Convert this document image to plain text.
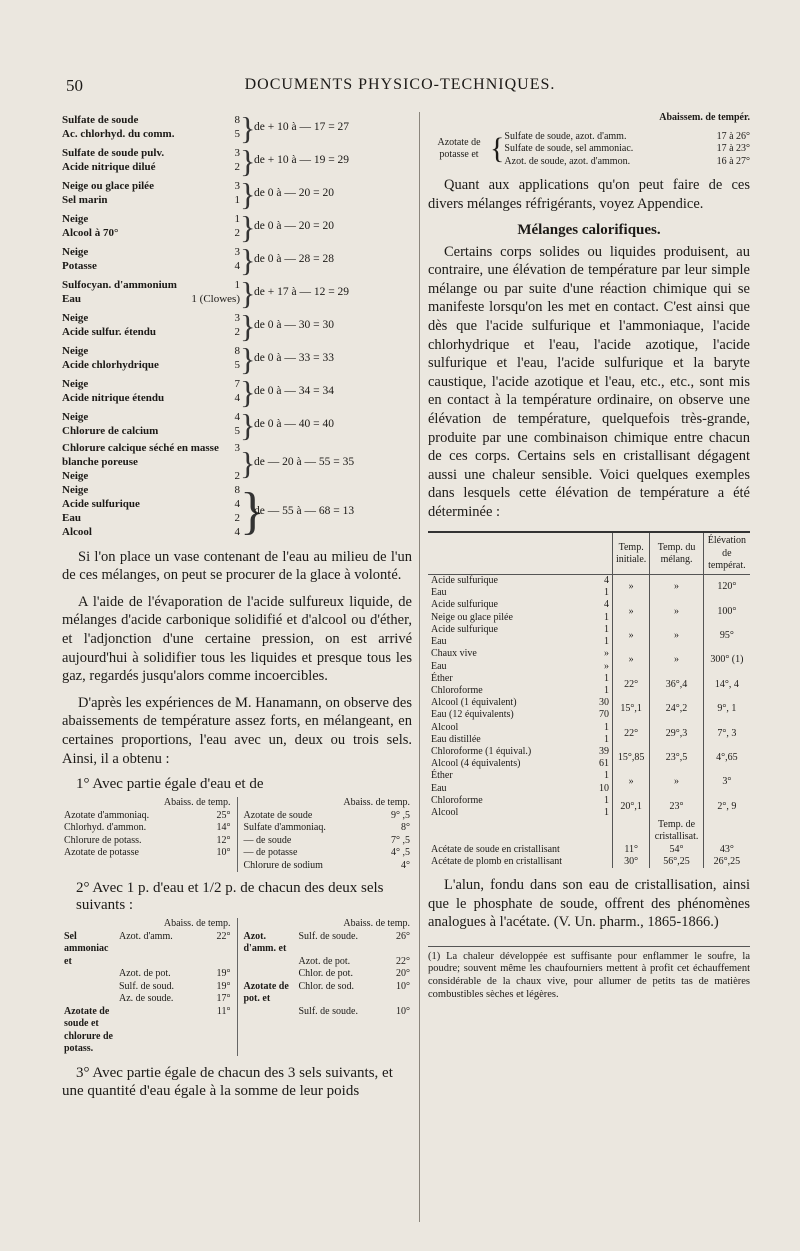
50	DOCUMENTS PHYSICO-TECHNIQUES.
Sulfate de soude	8
Ac. chlorhyd. du comm.	5 }
de + 10 à — 17 = 27
Sulfate de soude pulv.	3
Acide nitrique dilué	2 }
de + 10 à — 19 = 29
Neige ou glace pilée	3
Sel marin	1 }
de 0 à — 20 = 20
Neige	1
Alcool à 70°	2 }
de 0 à — 20 = 20
Neige	3
Potasse	4 }
de 0 à — 28 = 28
Sulfocyan. d'ammonium	1
Eau	1 (Clowes) }
de + 17 à — 12 = 29
Neige	3
Acide sulfur. étendu	2 }
de 0 à — 30 = 30
Neige	8
Acide chlorhydrique	5 }
de 0 à — 33 = 33
Neige	7
Acide nitrique étendu	4 }
de 0 à — 34 = 34
Neige	4
Chlorure de calcium	5 }
de 0 à — 40 = 40
Chlorure calcique séché en masse blanche poreuse
3
Neige	2 }
de — 20 à — 55 = 35
Neige	8
Acide sulfurique	4
Eau	2
Alcool	4 }
de — 55 à — 68 = 13

Si l'on place un vase contenant de l'eau au milieu de l'un de ces mélanges, on peut se procurer de la glace à volonté.

A l'aide de l'évaporation de l'acide sulfureux liquide, de mélanges d'acide carbonique solidifié et d'alcool ou d'éther, et l'adjonction d'une certaine pression, on est arrivé aujourd'hui à solidifier tous les liquides et presque tous les gaz, regardés jusqu'alors comme incoercibles.

D'après les expériences de M. Hanamann, on observe des abaissements de température assez forts, en mélangeant, en certaines proportions, l'eau avec un, deux ou trois sels. Ainsi, il a obtenu :

1° Avec partie égale d'eau et de
Abaiss. de temp.
Azotate d'ammoniaq.	25°
Chlorhyd. d'ammon.	14°
Chlorure de potass.	12°
Azotate de potasse	10°

Abaiss. de temp.
Azotate de soude	9° ,5
Sulfate d'ammoniaq.	8°
— de soude	7° ,5
— de potasse	4° ,5
Chlorure de sodium	4°
2° Avec 1 p. d'eau et 1/2 p. de chacun des deux sels suivants :
Abaiss. de temp.
Sel ammoniac et
Azot. d'amm.	22°
Azot. de pot.	19°
Sulf. de soud.	19°
Az. de soude.	17°
Azotate de soude et chlorure de potass.
11°

Abaiss. de temp.
Azot. d'amm. et
Sulf. de soude.	26°
Azot. de pot.	22°
Chlor. de pot.	20°
Azotate de pot. et
Chlor. de sod.	10°
Sulf. de soude.	10°
3° Avec partie égale de chacun des 3 sels suivants, et une quantité d'eau égale à la somme de leur poids
Abaissem. de tempér.
Azotate de potasse et { Sulfate de soude, azot. d'amm.	17 à 26°
Sulfate de soude, sel ammoniac.	17 à 23°
Azot. de soude, azot. d'ammon.	16 à 27°

Quant aux applications qu'on peut faire de ces divers mélanges réfrigérants, voyez Appendice.

Mélanges calorifiques.

Certains corps solides ou liquides produisent, au contraire, une élévation de température par leur simple mélange ou par suite d'une réaction chimique qui se manifeste lorsqu'on les met en contact. C'est ainsi que dès que l'acide sulfurique et l'ammoniaque, l'acide chlorhydrique et l'eau, l'acide azotique, l'acide sulfurique et l'eau, l'acide sulfurique et la baryte caustique, l'acide azotique et l'eau, etc., etc., sont mis en contact à la température ordinaire, on observe une élévation de température, quelquefois très-grande, produite par une combinaison chimique entre chacun de ces corps. Certains sels en cristallisant dégagent aussi une chaleur sensible. Voici quelques exemples dans lesquels cette élévation de température a été déterminée :

	Temp. initiale.	Temp. du mélang.	Élévation de températ.

Acide sulfurique 4	»	»	120°

Eau 1			

Acide sulfurique 4	»	»	100°

Neige ou glace pilée 1			

Acide sulfurique 1	»	»	95°

Eau 1			

Chaux vive »	»	»	300° (1)

Eau »			

Éther 1	22°	36°,4	14°, 4

Chloroforme 1			

Alcool (1 équivalent) 30	15°,1	24°,2	9°, 1

Eau (12 équivalents) 70			

Alcool 1	22°	29°,3	7°, 3

Eau distillée 1			

Chloroforme (1 équival.) 39	15°,85	23°,5	4°,65

Alcool (4 équivalents) 61			

Éther 1	»	»	3°

Eau 10			

Chloroforme 1	20°,1	23°	2°, 9

Alcool 1			

		Temp. de cristallisat.	
Acétate de soude en cristallisant	11°	54°	43°
Acétate de plomb en cristallisant	30°	56°,25	26°,25

L'alun, fondu dans son eau de cristallisation, ainsi que le phosphate de soude, offrent des phénomènes analogues à l'acétate. (V. Un. pharm., 1865-1866.)

(1) La chaleur développée est suffisante pour enflammer le soufre, la poudre; souvent même les chaufourniers mettent à profit cet échauffement considérable de la chaux vive, pour allumer de petits tas de matières combustibles sèches et légères.
